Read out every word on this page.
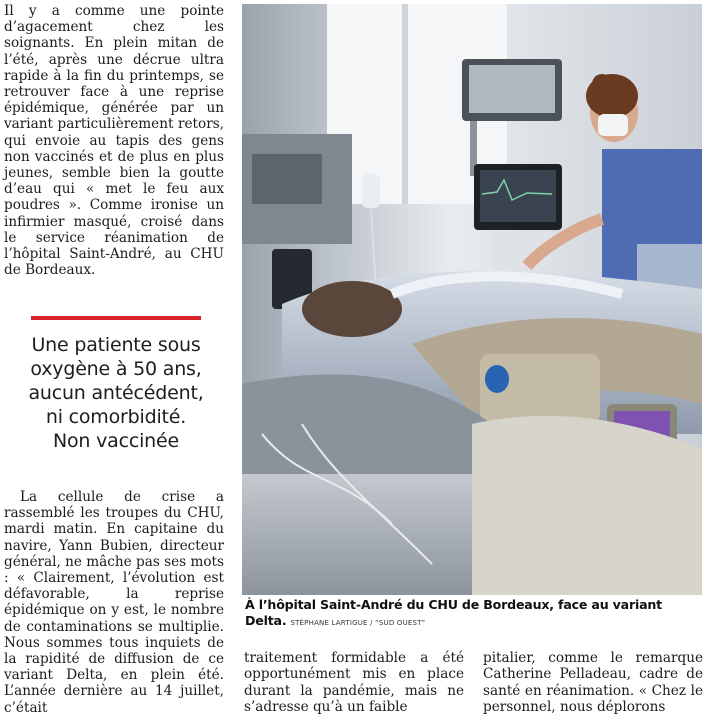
Il y a comme une pointe d’agacement chez les soignants. En plein mitan de l’été, après une décrue ultra rapide à la fin du printemps, se retrouver face à une reprise épidémique, générée par un variant particulièrement retors, qui envoie au tapis des gens non vaccinés et de plus en plus jeunes, semble bien la goutte d’eau qui « met le feu aux poudres ». Comme ironise un infirmier masqué, croisé dans le service réanimation de l’hôpital Saint-André, au CHU de Bordeaux.

Une patiente sous
oxygène à 50 ans,
aucun antécédent,
ni comorbidité.
Non vaccinée

La cellule de crise a rassemblé les troupes du CHU, mardi matin. En capitaine du navire, Yann Bubien, directeur général, ne mâche pas ses mots : « Clairement, l’évolution est défavorable, la reprise épidémique on y est, le nombre de contaminations se multiplie. Nous sommes tous inquiets de la rapidité de diffusion de ce variant Delta, en plein été. L’année dernière au 14 juillet, c’était

À l’hôpital Saint-André du CHU de Bordeaux, face au variant Delta. STÉPHANE LARTIGUE / “SUD OUEST”

traitement formidable a été opportunément mis en place durant la pandémie, mais ne s’adresse qu’à un faible

pitalier, comme le remarque Catherine Pelladeau, cadre de santé en réanimation. « Chez le personnel, nous déplorons
